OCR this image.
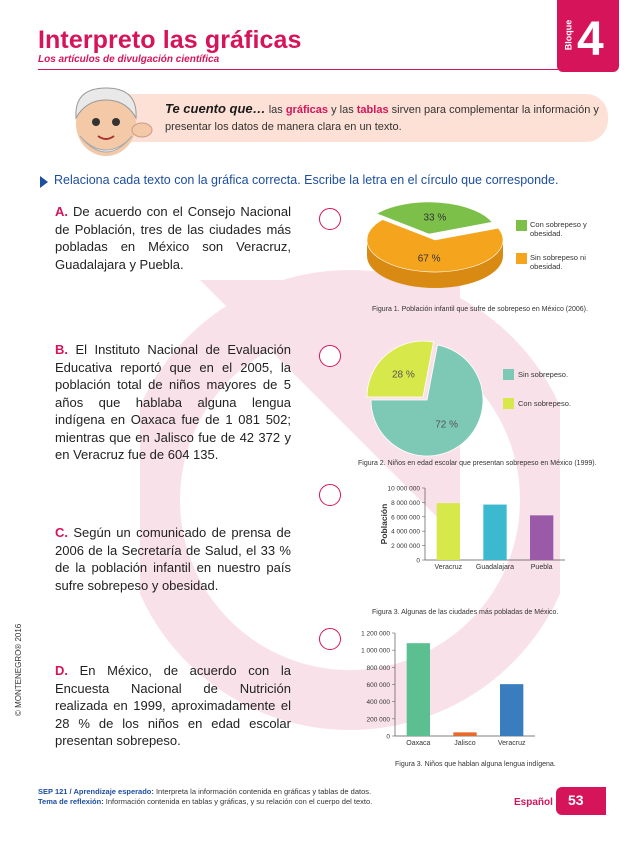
Interpreto las gráficas
Los artículos de divulgación científica
Bloque 4
Te cuento que… las gráficas y las tablas sirven para complementar la información y presentar los datos de manera clara en un texto.
Relaciona cada texto con la gráfica correcta. Escribe la letra en el círculo que corresponde.
A. De acuerdo con el Consejo Nacional de Población, tres de las ciudades más pobladas en México son Veracruz, Guadalajara y Puebla.
B. El Instituto Nacional de Evaluación Educativa reportó que en el 2005, la población total de niños mayores de 5 años que hablaba alguna lengua indígena en Oaxaca fue de 1 081 502; mientras que en Jalisco fue de 42 372 y en Veracruz fue de 604 135.
C. Según un comunicado de prensa de 2006 de la Secretaría de Salud, el 33 % de la población infantil en nuestro país sufre sobrepeso y obesidad.
D. En México, de acuerdo con la Encuesta Nacional de Nutrición realizada en 1999, aproximadamente el 28 % de los niños en edad escolar presentan sobrepeso.
33 %
67 %
Con sobrepeso y obesidad.
Sin sobrepeso ni obesidad.
Figura 1. Población infantil que sufre de sobrepeso en México (2006).
28 %
72 %
Sin sobrepeso.
Con sobrepeso.
Figura 2. Niños en edad escolar que presentan sobrepeso en México (1999).
0
2 000 000
4 000 000
6 000 000
8 000 000
10 000 000
Veracruz Guadalajara Puebla
Población
Figura 3. Algunas de las ciudades más pobladas de México.
0
200 000
400 000
600 000
800 000
1 000 000
1 200 000
Oaxaca	Jalisco	Veracruz
Figura 3. Niños que hablan alguna lengua indígena.
SEP 121 / Aprendizaje esperado: Interpreta la información contenida en gráficas y tablas de datos.
Tema de reflexión: Información contenida en tablas y gráficas, y su relación con el cuerpo del texto.	Español 53
© MONTENEGRO® 2016
